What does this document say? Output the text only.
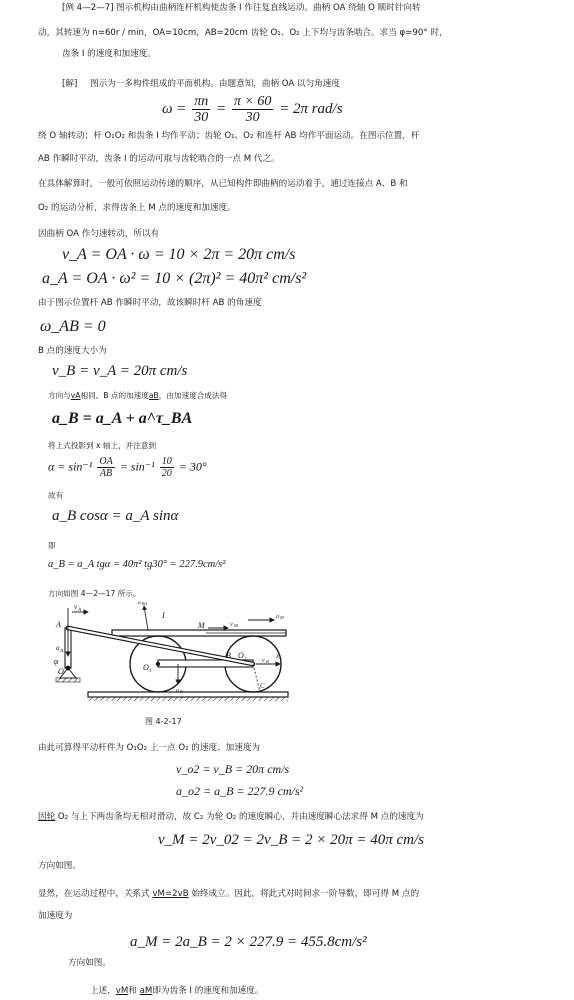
[例 4—2—7] 图示机构由曲柄连杆机构使齿条 I 作往复直线运动。曲柄 OA 绕轴 O 顺时针向转
动，其转速为 n=60r / min，OA=10cm，AB=20cm 齿轮 O₁、O₂ 上下均与齿条啮合。求当 φ=90° 时，
齿条 I 的速度和加速度。
[解] 图示为一多构件组成的平面机构。由题意知，曲柄 OA 以匀角速度
$\omega = \frac{\pi n}{30} = \frac{\pi \times 60}{30} = 2\pi$ rad/s
绕 O 轴转动；杆 O₁O₂ 和齿条 I 均作平动；齿轮 O₁、O₂ 和连杆 AB 均作平面运动。在图示位置，杆
AB 作瞬时平动，齿条 I 的运动可取与齿轮啮合的一点 M 代之。
在具体解算时，一般可依照运动传递的顺序，从已知构件即曲柄的运动着手，通过连接点 A、B 和
O₂ 的运动分析，求得齿条上 M 点的速度和加速度。
因曲柄 OA 作匀速转动，所以有
v_A = OA · ω = 10 × 2π = 20π cm/s
a_A = OA · ω² = 10 × (2π)² = 40π² cm/s²
由于图示位置杆 AB 作瞬时平动，故该瞬时杆 AB 的角速度
ω_AB = 0
B 点的速度大小为
v_B = v_A = 20π cm/s
方向与vA相同。B 点的加速度aB，由加速度合成法得
a_B = a_A + a^τ_BA
将上式投影到 x 轴上，并注意到
$\alpha = \sin^{-1} \frac{OA}{AB} = \sin^{-1} \frac{10}{20} = 30^\circ$
故有
a_B cosα = a_A sinα
即
a_B = a_A tgα = 40π² tg30° = 227.9cm/s²
方向如图 4—2—17 所示。
A
v A
a A
φ
O	O 1
O 2
B
M
I
C
x
v B
a B
v M
a M
a BA
图 4-2-17
由此可算得平动杆件为 O₁O₂ 上一点 O₂ 的速度、加速度为
v_o2 = v_B = 20π cm/s
a_o2 = a_B = 227.9 cm/s²
因轮 O₂ 与上下两齿条均无相对滑动，故 C₂ 为轮 O₂ 的速度瞬心，并由速度瞬心法求得 M 点的速度为
v_M = 2v_02 = 2v_B = 2 × 20π = 40π cm/s
方向如图。
显然，在运动过程中，关系式 vM=2vB 始终成立。因此，将此式对时间求一阶导数，即可得 M 点的
加速度为
a_M = 2a_B = 2 × 227.9 = 455.8cm/s²
方向如图。
上述，vM和 aM即为齿条 I 的速度和加速度。
